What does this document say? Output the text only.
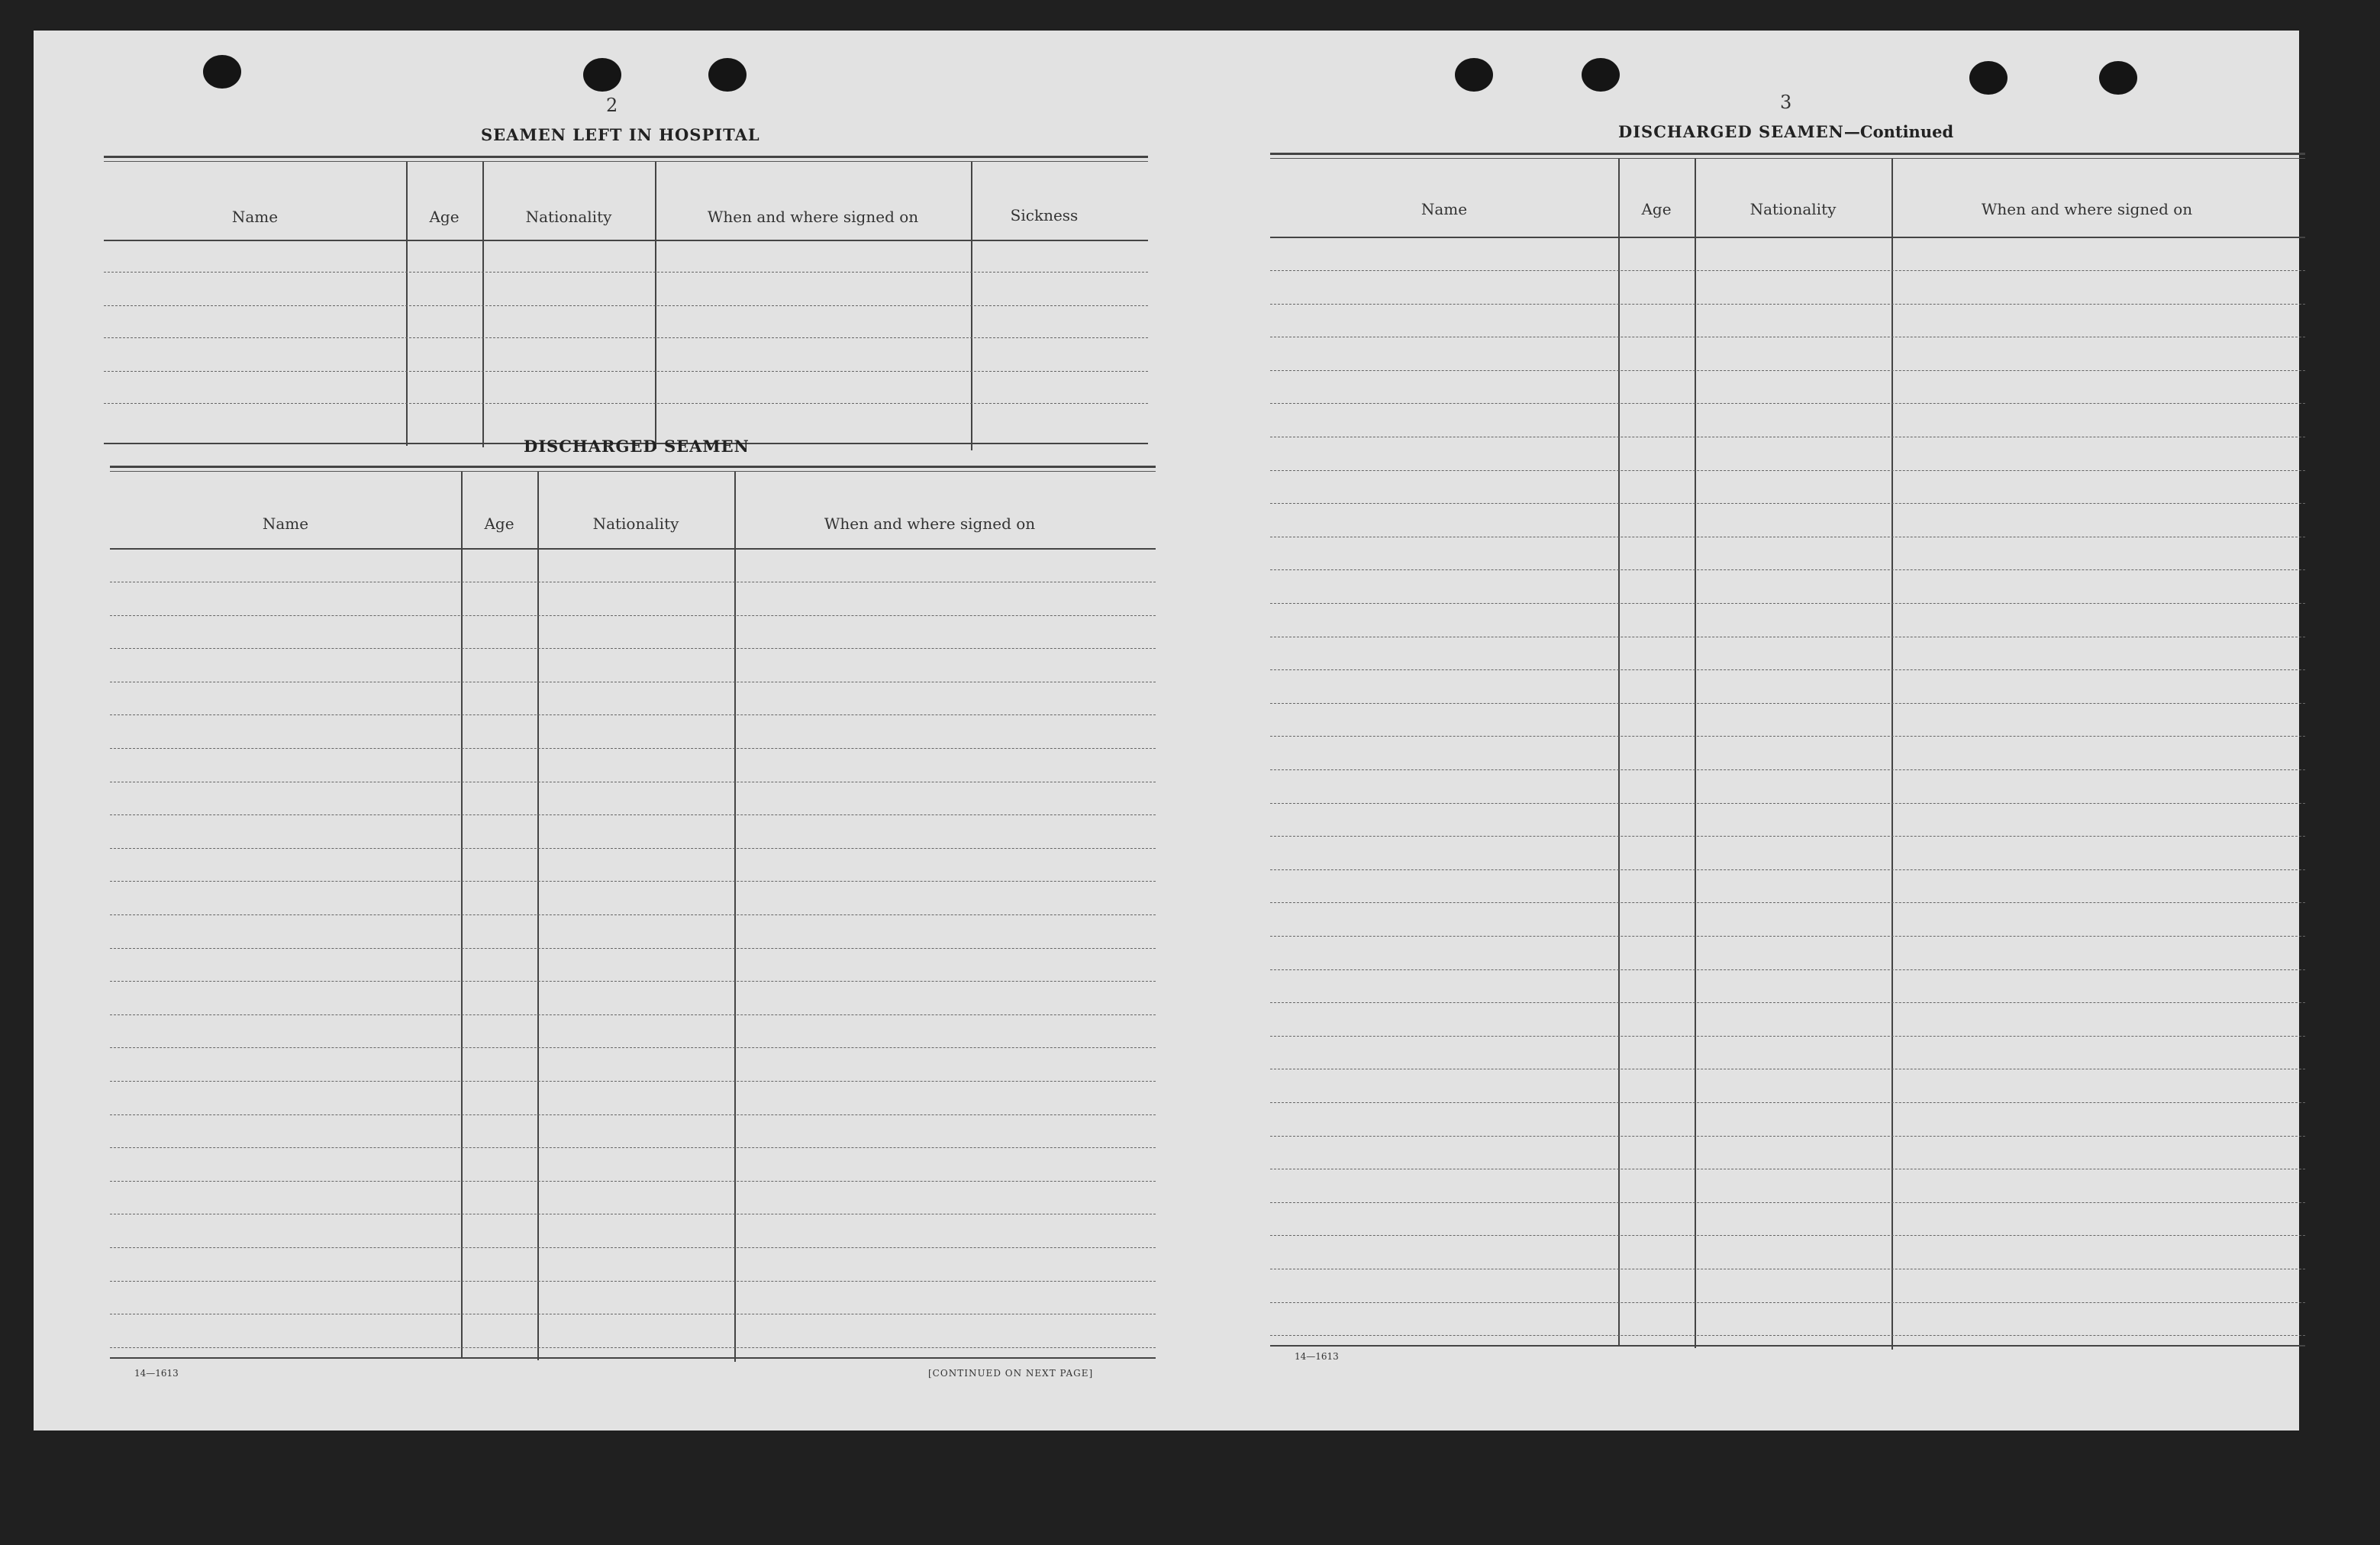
2
SEAMEN LEFT IN HOSPITAL
Name	Age	Nationality	When and where signed on	Sickness
DISCHARGED SEAMEN
Name	Age	Nationality	When and where signed on
14—1613	[CONTINUED ON NEXT PAGE]
3
DISCHARGED SEAMEN—Continued
Name	Age	Nationality	When and where signed on
14—1613
